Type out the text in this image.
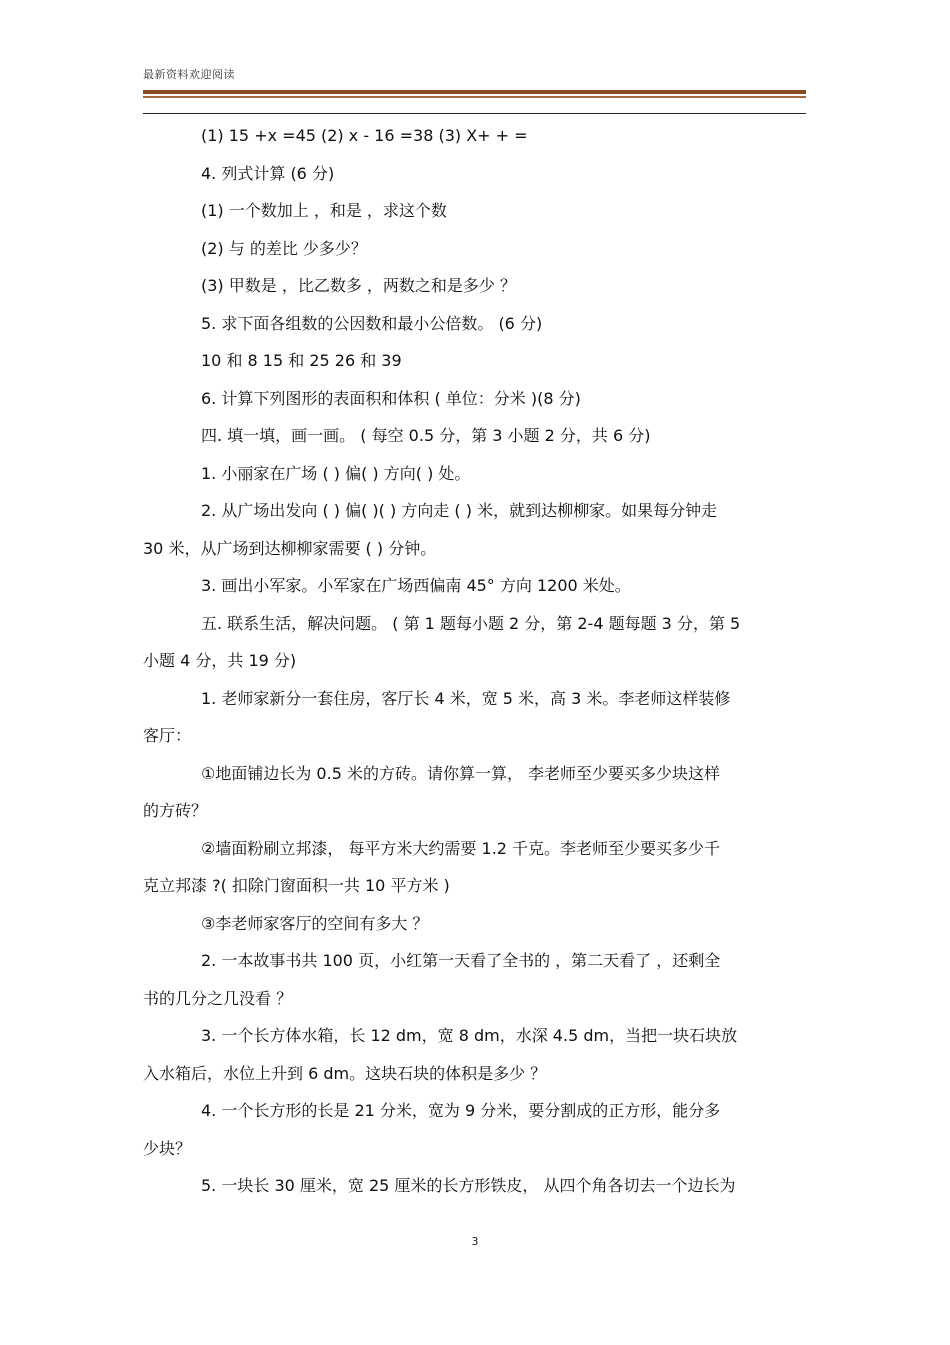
最新资料欢迎阅读
(1) 15 +x =45 (2) x - 16 =38 (3) X+ + =
4. 列式计算 (6 分)
(1) 一个数加上 ，和是 ，求这个数
(2) 与 的差比 少多少？
(3) 甲数是 ，比乙数多 ，两数之和是多少 ？
5. 求下面各组数的公因数和最小公倍数。 (6 分)
10 和 8 15 和 25 26 和 39
6. 计算下列图形的表面积和体积 ( 单位：分米 )(8 分)
四. 填一填，画一画。 ( 每空 0.5 分，第 3 小题 2 分，共 6 分)
1. 小丽家在广场 ( ) 偏( ) 方向( ) 处。
2. 从广场出发向 ( ) 偏( )( ) 方向走 ( ) 米，就到达柳柳家。如果每分钟走
30 米，从广场到达柳柳家需要 ( ) 分钟。
3. 画出小军家。小军家在广场西偏南 45° 方向 1200 米处。
五. 联系生活，解决问题。 ( 第 1 题每小题 2 分，第 2-4 题每题 3 分，第 5
小题 4 分，共 19 分)
1. 老师家新分一套住房，客厅长 4 米，宽 5 米，高 3 米。李老师这样装修
客厅：
①地面铺边长为 0.5 米的方砖。请你算一算， 李老师至少要买多少块这样
的方砖？
②墙面粉刷立邦漆， 每平方米大约需要 1.2 千克。李老师至少要买多少千
克立邦漆 ?( 扣除门窗面积一共 10 平方米 )
③李老师家客厅的空间有多大 ？
2. 一本故事书共 100 页，小红第一天看了全书的 ，第二天看了 ，还剩全
书的几分之几没看 ？
3. 一个长方体水箱，长 12 dm，宽 8 dm，水深 4.5 dm，当把一块石块放
入水箱后，水位上升到 6 dm。这块石块的体积是多少 ？
4. 一个长方形的长是 21 分米，宽为 9 分米，要分割成的正方形，能分多
少块？
5. 一块长 30 厘米，宽 25 厘米的长方形铁皮， 从四个角各切去一个边长为
3
